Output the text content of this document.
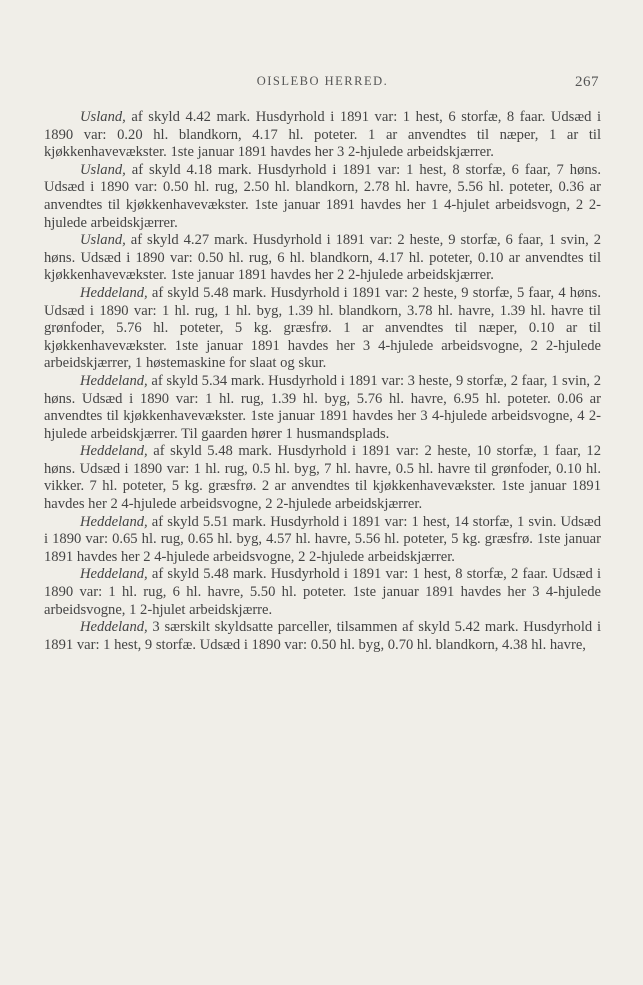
OISLEBO HERRED.	267

Usland, af skyld 4.42 mark. Husdyrhold i 1891 var: 1 hest, 6 storfæ, 8 faar. Udsæd i 1890 var: 0.20 hl. blandkorn, 4.17 hl. poteter. 1 ar anvendtes til næper, 1 ar til kjøkkenhavevækster. 1ste januar 1891 havdes her 3 2-hjulede arbeidskjærrer.

Usland, af skyld 4.18 mark. Husdyrhold i 1891 var: 1 hest, 8 storfæ, 6 faar, 7 høns. Udsæd i 1890 var: 0.50 hl. rug, 2.50 hl. blandkorn, 2.78 hl. havre, 5.56 hl. poteter, 0.36 ar anvendtes til kjøkkenhavevækster. 1ste januar 1891 havdes her 1 4-hjulet arbeidsvogn, 2 2-hjulede arbeidskjærrer.

Usland, af skyld 4.27 mark. Husdyrhold i 1891 var: 2 heste, 9 storfæ, 6 faar, 1 svin, 2 høns. Udsæd i 1890 var: 0.50 hl. rug, 6 hl. blandkorn, 4.17 hl. poteter, 0.10 ar anvendtes til kjøkkenhavevækster. 1ste januar 1891 havdes her 2 2-hjulede arbeidskjærrer.

Heddeland, af skyld 5.48 mark. Husdyrhold i 1891 var: 2 heste, 9 storfæ, 5 faar, 4 høns. Udsæd i 1890 var: 1 hl. rug, 1 hl. byg, 1.39 hl. blandkorn, 3.78 hl. havre, 1.39 hl. havre til grønfoder, 5.76 hl. poteter, 5 kg. græsfrø. 1 ar anvendtes til næper, 0.10 ar til kjøkkenhavevækster. 1ste januar 1891 havdes her 3 4-hjulede arbeidsvogne, 2 2-hjulede arbeidskjærrer, 1 høstemaskine for slaat og skur.

Heddeland, af skyld 5.34 mark. Husdyrhold i 1891 var: 3 heste, 9 storfæ, 2 faar, 1 svin, 2 høns. Udsæd i 1890 var: 1 hl. rug, 1.39 hl. byg, 5.76 hl. havre, 6.95 hl. poteter. 0.06 ar anvendtes til kjøkkenhavevækster. 1ste januar 1891 havdes her 3 4-hjulede arbeidsvogne, 4 2-hjulede arbeidskjærrer. Til gaarden hører 1 husmandsplads.

Heddeland, af skyld 5.48 mark. Husdyrhold i 1891 var: 2 heste, 10 storfæ, 1 faar, 12 høns. Udsæd i 1890 var: 1 hl. rug, 0.5 hl. byg, 7 hl. havre, 0.5 hl. havre til grønfoder, 0.10 hl. vikker. 7 hl. poteter, 5 kg. græsfrø. 2 ar anvendtes til kjøkkenhavevækster. 1ste januar 1891 havdes her 2 4-hjulede arbeidsvogne, 2 2-hjulede arbeidskjærrer.

Heddeland, af skyld 5.51 mark. Husdyrhold i 1891 var: 1 hest, 14 storfæ, 1 svin. Udsæd i 1890 var: 0.65 hl. rug, 0.65 hl. byg, 4.57 hl. havre, 5.56 hl. poteter, 5 kg. græsfrø. 1ste januar 1891 havdes her 2 4-hjulede arbeidsvogne, 2 2-hjulede arbeidskjærrer.

Heddeland, af skyld 5.48 mark. Husdyrhold i 1891 var: 1 hest, 8 storfæ, 2 faar. Udsæd i 1890 var: 1 hl. rug, 6 hl. havre, 5.50 hl. poteter. 1ste januar 1891 havdes her 3 4-hjulede arbeidsvogne, 1 2-hjulet arbeidskjærre.

Heddeland, 3 særskilt skyldsatte parceller, tilsammen af skyld 5.42 mark. Husdyrhold i 1891 var: 1 hest, 9 storfæ. Udsæd i 1890 var: 0.50 hl. byg, 0.70 hl. blandkorn, 4.38 hl. havre,
